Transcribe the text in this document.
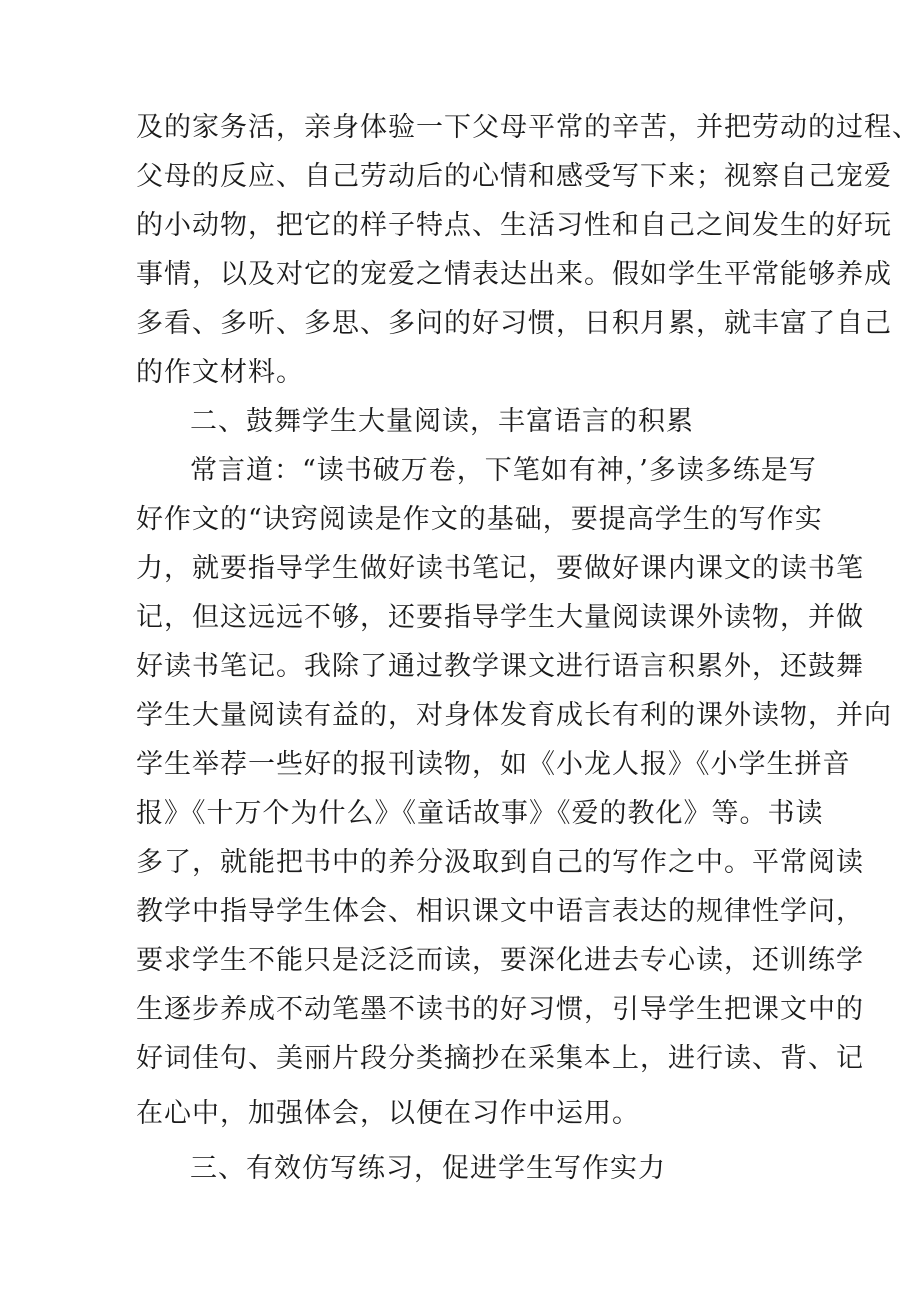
及的家务活，亲身体验一下父母平常的辛苦，并把劳动的过程、
父母的反应、自己劳动后的心情和感受写下来；视察自己宠爱
的小动物，把它的样子特点、生活习性和自己之间发生的好玩
事情，以及对它的宠爱之情表达出来。假如学生平常能够养成
多看、多听、多思、多问的好习惯，日积月累，就丰富了自己
的作文材料。
二、鼓舞学生大量阅读，丰富语言的积累
常言道：“读书破万卷，下笔如有神，’多读多练是写
好作文的“诀窍阅读是作文的基础，要提高学生的写作实
力，就要指导学生做好读书笔记，要做好课内课文的读书笔
记，但这远远不够，还要指导学生大量阅读课外读物，并做
好读书笔记。我除了通过教学课文进行语言积累外，还鼓舞
学生大量阅读有益的，对身体发育成长有利的课外读物，并向
学生举荐一些好的报刊读物，如《小龙人报》《小学生拼音
报》《十万个为什么》《童话故事》《爱的教化》等。书读
多了，就能把书中的养分汲取到自己的写作之中。平常阅读
教学中指导学生体会、相识课文中语言表达的规律性学问，
要求学生不能只是泛泛而读，要深化进去专心读，还训练学
生逐步养成不动笔墨不读书的好习惯，引导学生把课文中的
好词佳句、美丽片段分类摘抄在采集本上，进行读、背、记
在心中，加强体会，以便在习作中运用。
三、有效仿写练习，促进学生写作实力
